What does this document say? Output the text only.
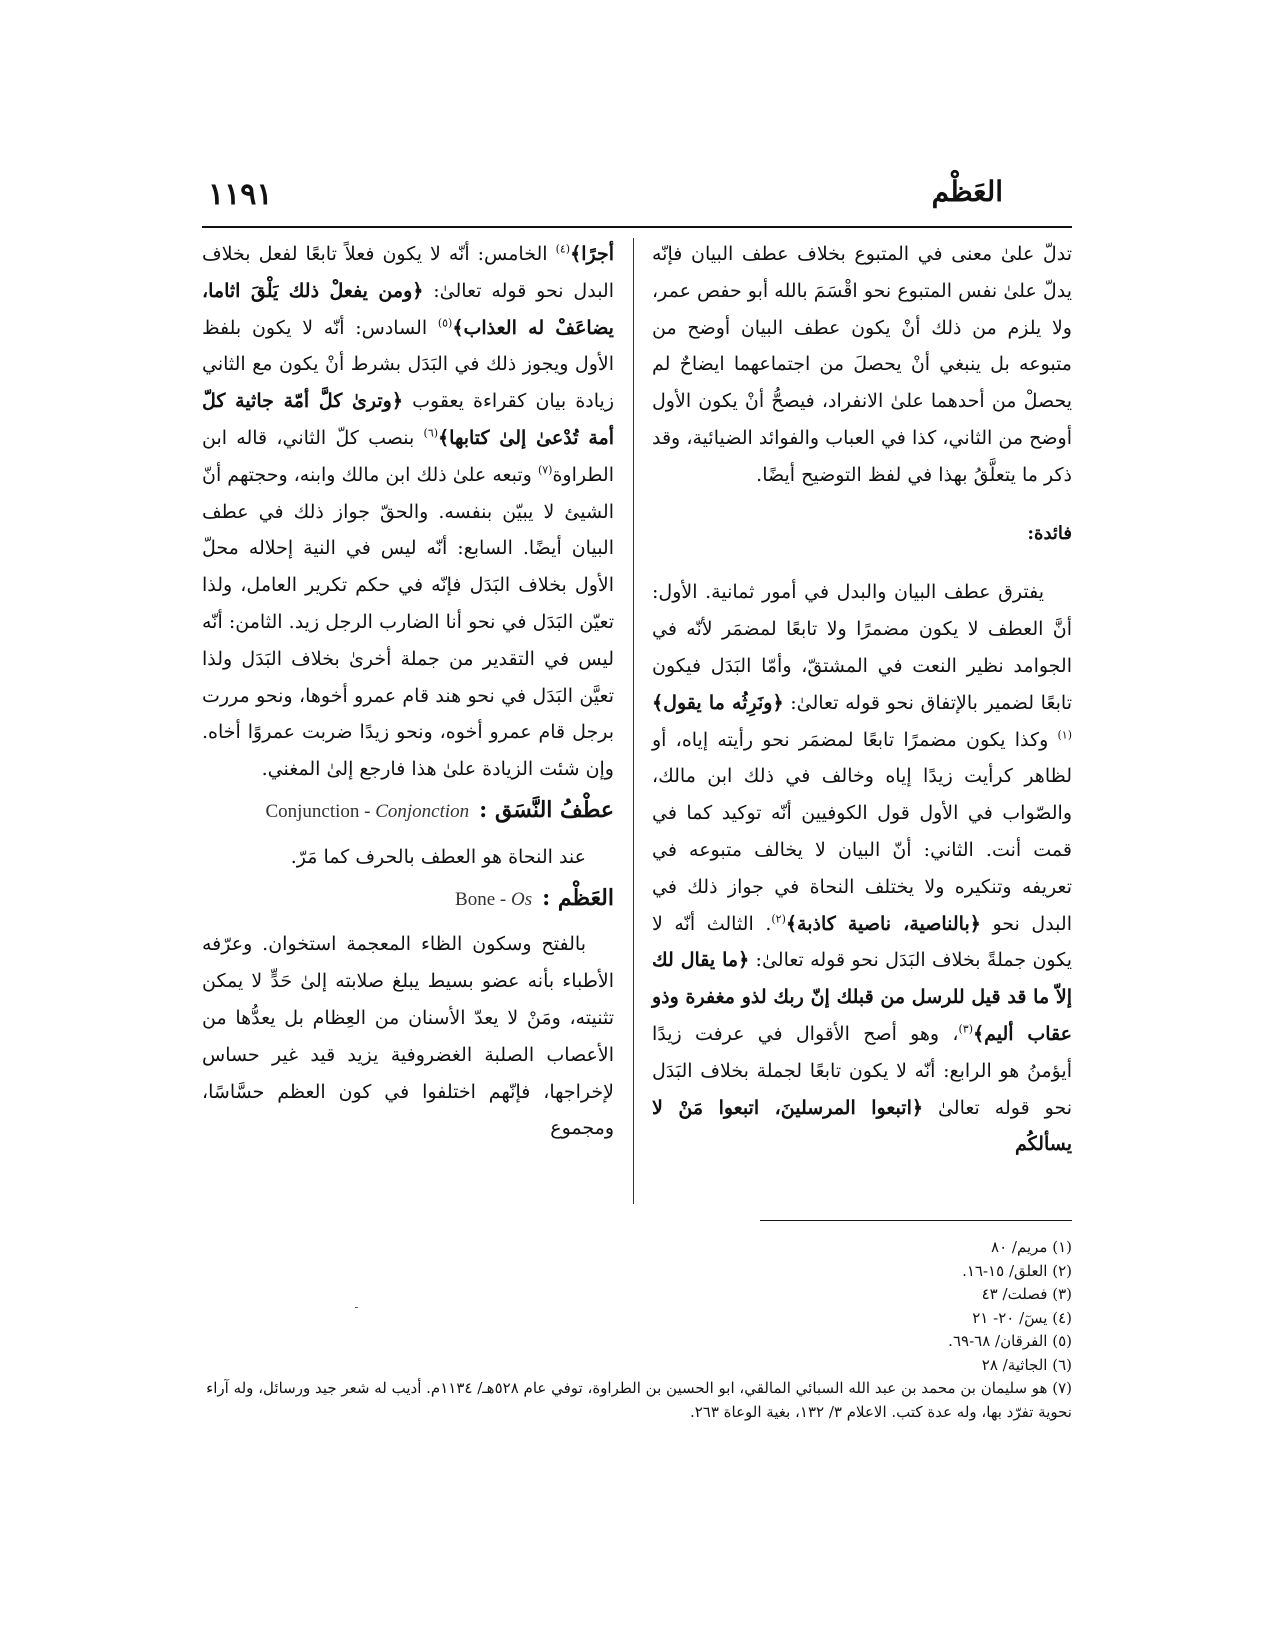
١١٩١	العَظْم

تدلّ علىٰ معنى في المتبوع بخلاف عطف البيان فإنّه يدلّ علىٰ نفس المتبوع نحو اقْسَمَ بالله أبو حفص عمر، ولا يلزم من ذلك أنْ يكون عطف البيان أوضح من متبوعه بل ينبغي أنْ يحصلَ من اجتماعهما ايضاحٌ لم يحصلْ من أحدهما علىٰ الانفراد، فيصحُّ أنْ يكون الأول أوضح من الثاني، كذا في العباب والفوائد الضيائية، وقد ذكر ما يتعلَّقُ بهذا في لفظ التوضيح أيضًا.

فائدة:

يفترق عطف البيان والبدل في أمور ثمانية. الأول: أنَّ العطف لا يكون مضمرًا ولا تابعًا لمضمَر لأنّه في الجوامد نظير النعت في المشتقّ، وأمّا البَدَل فيكون تابعًا لضمير بالإتفاق نحو قوله تعالىٰ: ﴿ونَرِثُه ما يقول﴾$^{(١)}$ وكذا يكون مضمرًا تابعًا لمضمَر نحو رأيته إياه، أو لظاهر كرأيت زيدًا إياه وخالف في ذلك ابن مالك، والصّواب في الأول قول الكوفيين أنّه توكيد كما في قمت أنت. الثاني: أنّ البيان لا يخالف متبوعه في تعريفه وتنكيره ولا يختلف النحاة في جواز ذلك في البدل نحو ﴿بالناصية، ناصية كاذبة﴾$^{(٢)}$. الثالث أنّه لا يكون جملةً بخلاف البَدَل نحو قوله تعالىٰ: ﴿ما يقال لك إلاّ ما قد قيل للرسل من قبلك إنّ ربك لذو مغفرة وذو عقاب أليم﴾$^{(٣)}$، وهو أصح الأقوال في عرفت زيدًا أيؤمنُ هو الرابع: أنّه لا يكون تابعًا لجملة بخلاف البَدَل نحو قوله تعالىٰ ﴿اتبعوا المرسلينَ، اتبعوا مَنْ لا يسألكُم

أجرًا﴾$^{(٤)}$ الخامس: أنّه لا يكون فعلاً تابعًا لفعل بخلاف البدل نحو قوله تعالىٰ: ﴿ومن يفعلْ ذلك يَلْقَ اثاما، يضاعَفْ له العذاب﴾$^{(٥)}$ السادس: أنّه لا يكون بلفظ الأول ويجوز ذلك في البَدَل بشرط أنْ يكون مع الثاني زيادة بيان كقراءة يعقوب ﴿وترىٰ كلَّ أمّة جاثية كلّ أمة تُدْعىٰ إلىٰ كتابها﴾$^{(٦)}$ بنصب كلّ الثاني، قاله ابن الطراوة$^{(٧)}$ وتبعه علىٰ ذلك ابن مالك وابنه، وحجتهم أنّ الشيئ لا يبيّن بنفسه. والحقّ جواز ذلك في عطف البيان أيضًا. السابع: أنّه ليس في النية إحلاله محلّ الأول بخلاف البَدَل فإنّه في حكم تكرير العامل، ولذا تعيّن البَدَل في نحو أنا الضارب الرجل زيد. الثامن: أنّه ليس في التقدير من جملة أخرىٰ بخلاف البَدَل ولذا تعيَّن البَدَل في نحو هند قام عمرو أخوها، ونحو مررت برجل قام عمرو أخوه، ونحو زيدًا ضربت عمروًا أخاه. وإن شئت الزيادة علىٰ هذا فارجع إلىٰ المغني.

عطْفُ النَّسَق :
Conjunction - Conjonction

عند النحاة هو العطف بالحرف كما مَرّ.

العَظْم :
Bone - Os

بالفتح وسكون الظاء المعجمة استخوان. وعرّفه الأطباء بأنه عضو بسيط يبلغ صلابته إلىٰ حَدٍّ لا يمكن تثنيته، ومَنْ لا يعدّ الأسنان من العِظام بل يعدُّها من الأعصاب الصلبة الغضروفية يزيد قيد غير حساس لإخراجها، فإنّهم اختلفوا في كون العظم حسَّاسًا، ومجموع

(١) مريم/ ٨٠
(٢) العلق/ ١٥-١٦.
(٣) فصلت/ ٤٣
(٤) يسٓ/ ٢٠- ٢١
(٥) الفرقان/ ٦٨-٦٩.
(٦) الجاثية/ ٢٨
(٧) هو سليمان بن محمد بن عبد الله السبائي المالقي، ابو الحسين بن الطراوة، توفي عام ٥٢٨هـ/ ١١٣٤م. أديب له شعر جيد ورسائل، وله آراء نحوية تفرّد بها، وله عدة كتب. الاعلام ٣/ ١٣٢، بغية الوعاة ٢٦٣.
